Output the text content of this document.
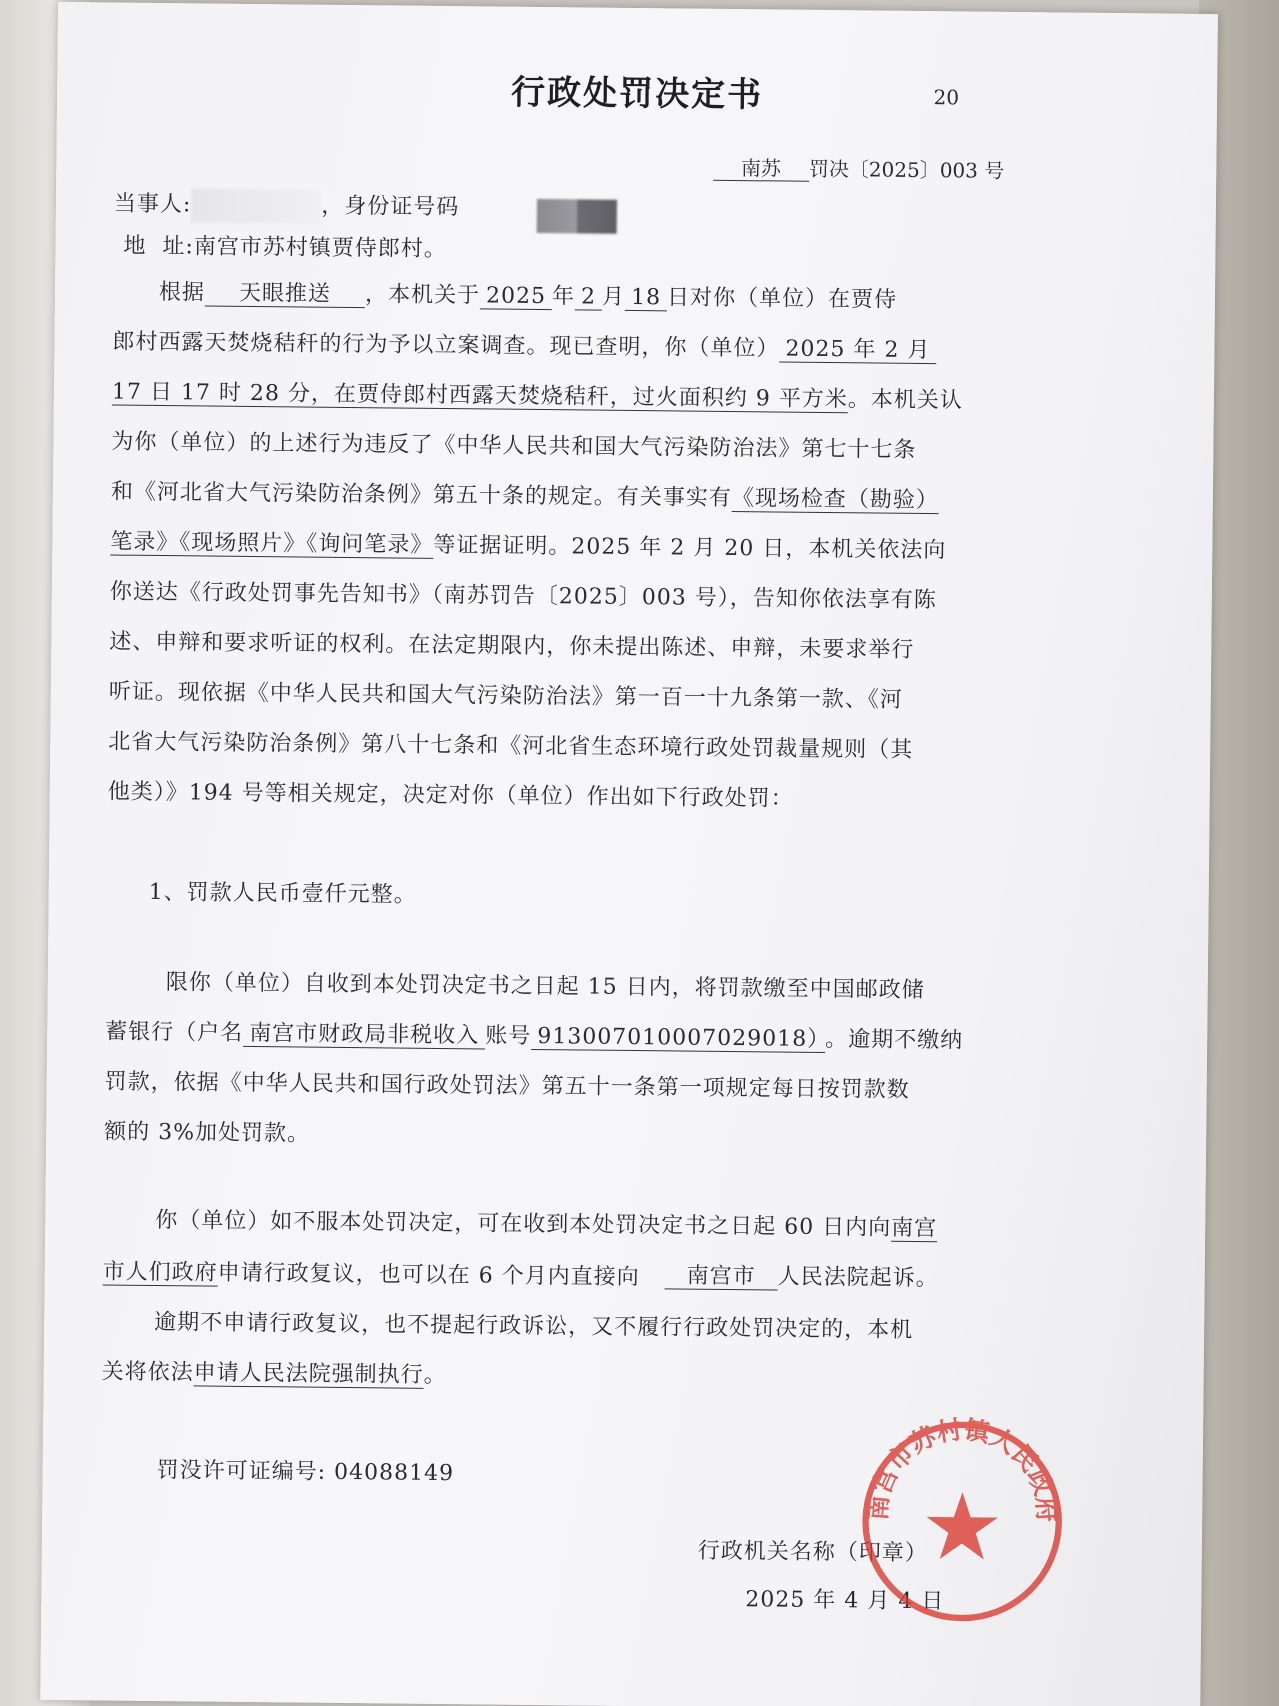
行政处罚决定书	20
南苏 罚决〔2025〕003 号
当事人:	，身份证号码
地  址:南宫市苏村镇贾侍郎村。
根据 天眼推送 ，本机关于 2025 年 2 月 18 日对你（单位）在贾侍
郎村西露天焚烧秸秆的行为予以立案调查。现已查明，你（单位） 2025 年 2 月
17 日 17 时 28 分，在贾侍郎村西露天焚烧秸秆，过火面积约 9 平方米。本机关认
为你（单位）的上述行为违反了《中华人民共和国大气污染防治法》第七十七条
和《河北省大气污染防治条例》第五十条的规定。有关事实有《现场检查（勘验）
笔录》《现场照片》《询问笔录》等证据证明。2025 年 2 月 20 日，本机关依法向
你送达《行政处罚事先告知书》（南苏罚告〔2025〕003 号），告知你依法享有陈
述、申辩和要求听证的权利。在法定期限内，你未提出陈述、申辩，未要求举行
听证。现依据《中华人民共和国大气污染防治法》第一百一十九条第一款、《河
北省大气污染防治条例》第八十七条和《河北省生态环境行政处罚裁量规则（其
他类）》194 号等相关规定，决定对你（单位）作出如下行政处罚：
1、罚款人民币壹仟元整。
限你（单位）自收到本处罚决定书之日起 15 日内，将罚款缴至中国邮政储
蓄银行（户名 南宫市财政局非税收入 账号 913007010007029018） 。逾期不缴纳
罚款，依据《中华人民共和国行政处罚法》第五十一条第一项规定每日按罚款数
额的 3%加处罚款。
你（单位）如不服本处罚决定，可在收到本处罚决定书之日起 60 日内向南宫
南宫市 人民法院起诉。
市人们政府申请行政复议，也可以在 6 个月内直接向
逾期不申请行政复议，也不提起行政诉讼，又不履行行政处罚决定的，本机
关将依法申请人民法院强制执行。
罚没许可证编号: 04088149
行政机关名称（印章）
2025 年 4 月 4 日
南宫市苏村镇人民政府
